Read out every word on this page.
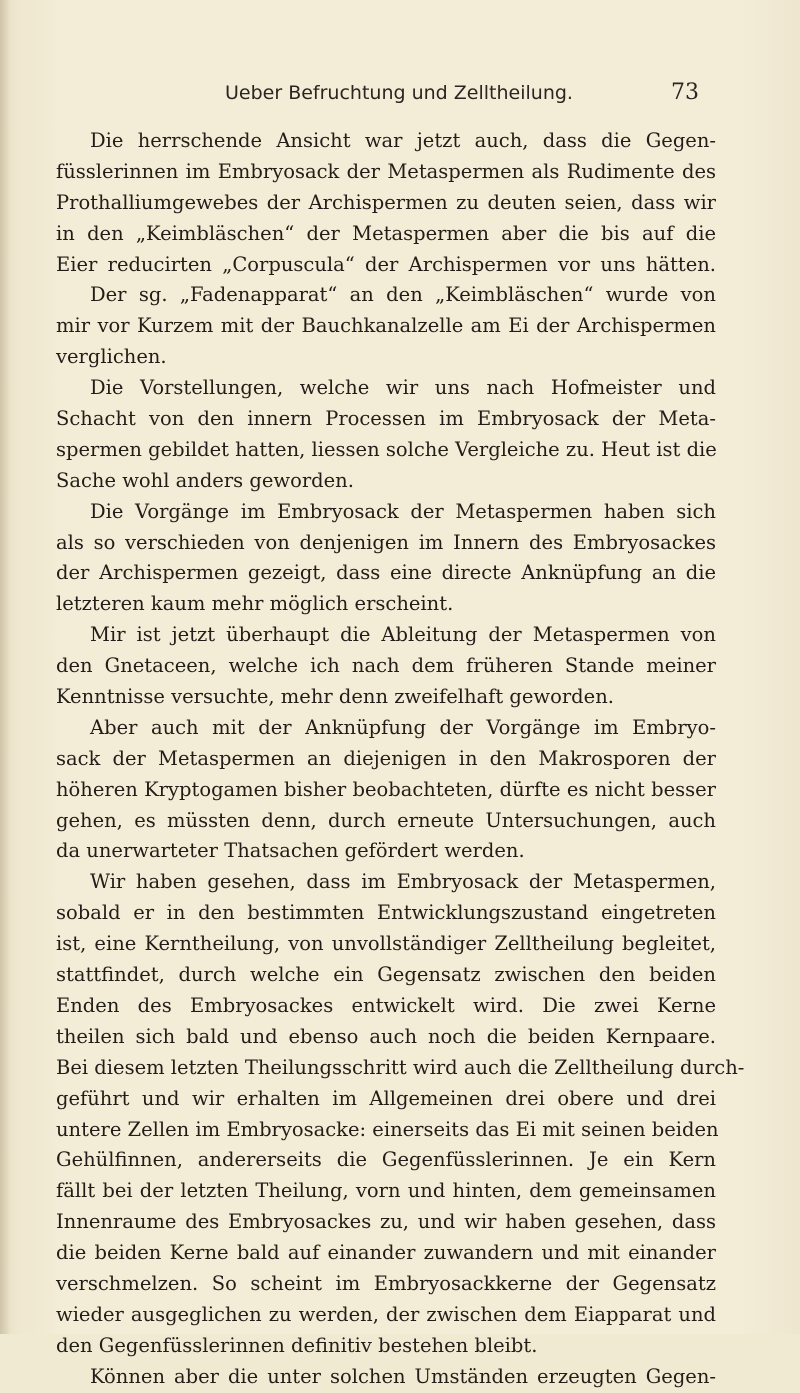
Ueber Befruchtung und Zelltheilung.	73
Die herrschende Ansicht war jetzt auch, dass die Gegen-
füsslerinnen im Embryosack der Metaspermen als Rudimente des
Prothalliumgewebes der Archispermen zu deuten seien, dass wir
in den „Keimbläschen“ der Metaspermen aber die bis auf die
Eier reducirten „Corpuscula“ der Archispermen vor uns hätten.
Der sg. „Fadenapparat“ an den „Keimbläschen“ wurde von
mir vor Kurzem mit der Bauchkanalzelle am Ei der Archispermen
verglichen.
Die Vorstellungen, welche wir uns nach Hofmeister und
Schacht von den innern Processen im Embryosack der Meta-
spermen gebildet hatten, liessen solche Vergleiche zu. Heut ist die
Sache wohl anders geworden.
Die Vorgänge im Embryosack der Metaspermen haben sich
als so verschieden von denjenigen im Innern des Embryosackes
der Archispermen gezeigt, dass eine directe Anknüpfung an die
letzteren kaum mehr möglich erscheint.
Mir ist jetzt überhaupt die Ableitung der Metaspermen von
den Gnetaceen, welche ich nach dem früheren Stande meiner
Kenntnisse versuchte, mehr denn zweifelhaft geworden.
Aber auch mit der Anknüpfung der Vorgänge im Embryo-
sack der Metaspermen an diejenigen in den Makrosporen der
höheren Kryptogamen bisher beobachteten, dürfte es nicht besser
gehen, es müssten denn, durch erneute Untersuchungen, auch
da unerwarteter Thatsachen gefördert werden.
Wir haben gesehen, dass im Embryosack der Metaspermen,
sobald er in den bestimmten Entwicklungszustand eingetreten
ist, eine Kerntheilung, von unvollständiger Zelltheilung begleitet,
stattfindet, durch welche ein Gegensatz zwischen den beiden
Enden des Embryosackes entwickelt wird. Die zwei Kerne
theilen sich bald und ebenso auch noch die beiden Kernpaare.
Bei diesem letzten Theilungsschritt wird auch die Zelltheilung durch-
geführt und wir erhalten im Allgemeinen drei obere und drei
untere Zellen im Embryosacke: einerseits das Ei mit seinen beiden
Gehülfinnen, andererseits die Gegenfüsslerinnen. Je ein Kern
fällt bei der letzten Theilung, vorn und hinten, dem gemeinsamen
Innenraume des Embryosackes zu, und wir haben gesehen, dass
die beiden Kerne bald auf einander zuwandern und mit einander
verschmelzen. So scheint im Embryosackkerne der Gegensatz
wieder ausgeglichen zu werden, der zwischen dem Eiapparat und
den Gegenfüsslerinnen definitiv bestehen bleibt.
Können aber die unter solchen Umständen erzeugten Gegen-
